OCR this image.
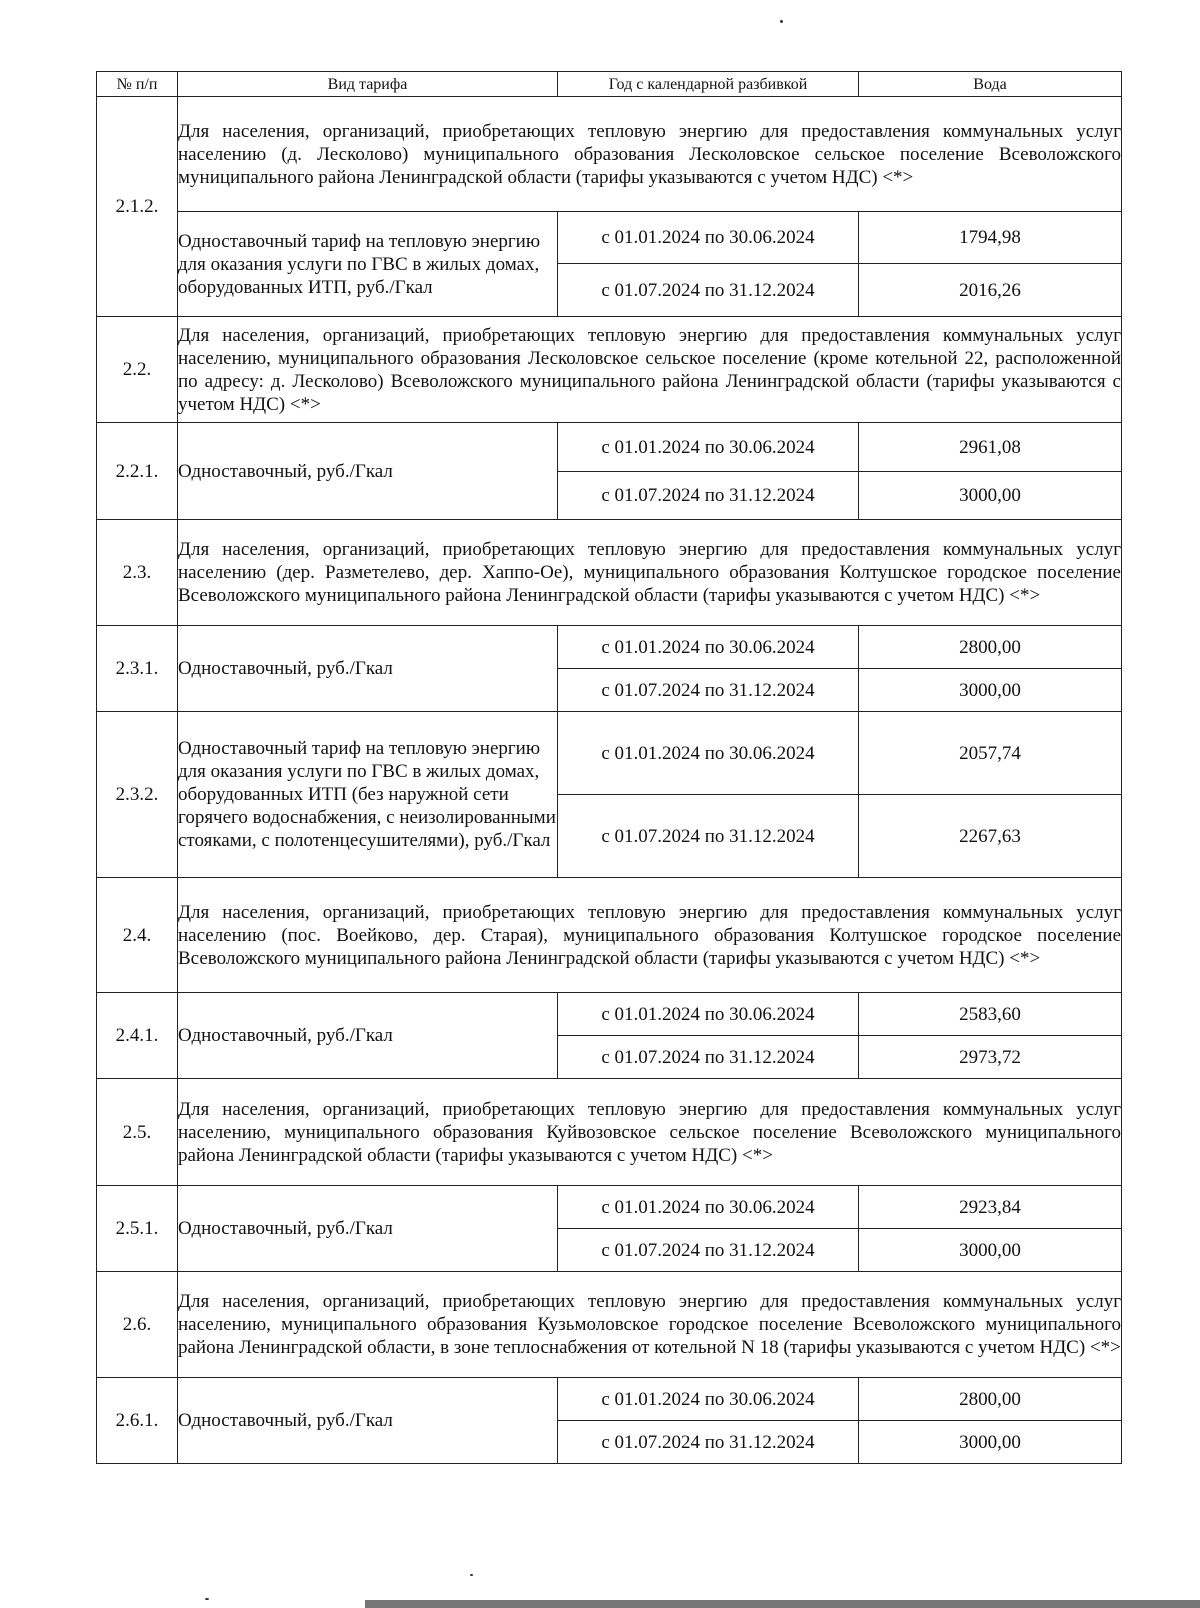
№ п/п	Вид тарифа	Год с календарной разбивкой	Вода
2.1.2.	Для населения, организаций, приобретающих тепловую энергию для предоставления коммунальных услуг населению (д. Лесколово) муниципального образования Лесколовское сельское поселение Всеволожского муниципального района Ленинградской области (тарифы указываются с учетом НДС) <*>		
	Одноставочный тариф на тепловую энергию для оказания услуги по ГВС в жилых домах, оборудованных ИТП, руб./Гкал	с 01.01.2024 по 30.06.2024	1794,98
		с 01.07.2024 по 31.12.2024	2016,26
2.2.	Для населения, организаций, приобретающих тепловую энергию для предоставления коммунальных услуг населению, муниципального образования Лесколовское сельское поселение (кроме котельной 22, расположенной по адресу: д. Лесколово) Всеволожского муниципального района Ленинградской области (тарифы указываются с учетом НДС) <*>		
2.2.1.	Одноставочный, руб./Гкал	с 01.01.2024 по 30.06.2024	2961,08
		с 01.07.2024 по 31.12.2024	3000,00
2.3.	Для населения, организаций, приобретающих тепловую энергию для предоставления коммунальных услуг населению (дер. Разметелево, дер. Хаппо-Ое), муниципального образования Колтушское городское поселение Всеволожского муниципального района Ленинградской области (тарифы указываются с учетом НДС) <*>		
2.3.1.	Одноставочный, руб./Гкал	с 01.01.2024 по 30.06.2024	2800,00
		с 01.07.2024 по 31.12.2024	3000,00
2.3.2.	Одноставочный тариф на тепловую энергию для оказания услуги по ГВС в жилых домах, оборудованных ИТП (без наружной сети горячего водоснабжения, с неизолированными стояками, с полотенцесушителями), руб./Гкал	с 01.01.2024 по 30.06.2024	2057,74
		с 01.07.2024 по 31.12.2024	2267,63
2.4.	Для населения, организаций, приобретающих тепловую энергию для предоставления коммунальных услуг населению (пос. Воейково, дер. Старая), муниципального образования Колтушское городское поселение Всеволожского муниципального района Ленинградской области (тарифы указываются с учетом НДС) <*>		
2.4.1.	Одноставочный, руб./Гкал	с 01.01.2024 по 30.06.2024	2583,60
		с 01.07.2024 по 31.12.2024	2973,72
2.5.	Для населения, организаций, приобретающих тепловую энергию для предоставления коммунальных услуг населению, муниципального образования Куйвозовское сельское поселение Всеволожского муниципального района Ленинградской области (тарифы указываются с учетом НДС) <*>		
2.5.1.	Одноставочный, руб./Гкал	с 01.01.2024 по 30.06.2024	2923,84
		с 01.07.2024 по 31.12.2024	3000,00
2.6.	Для населения, организаций, приобретающих тепловую энергию для предоставления коммунальных услуг населению, муниципального образования Кузьмоловское городское поселение Всеволожского муниципального района Ленинградской области, в зоне теплоснабжения от котельной N 18 (тарифы указываются с учетом НДС) <*>		
2.6.1.	Одноставочный, руб./Гкал	с 01.01.2024 по 30.06.2024	2800,00
		с 01.07.2024 по 31.12.2024	3000,00
